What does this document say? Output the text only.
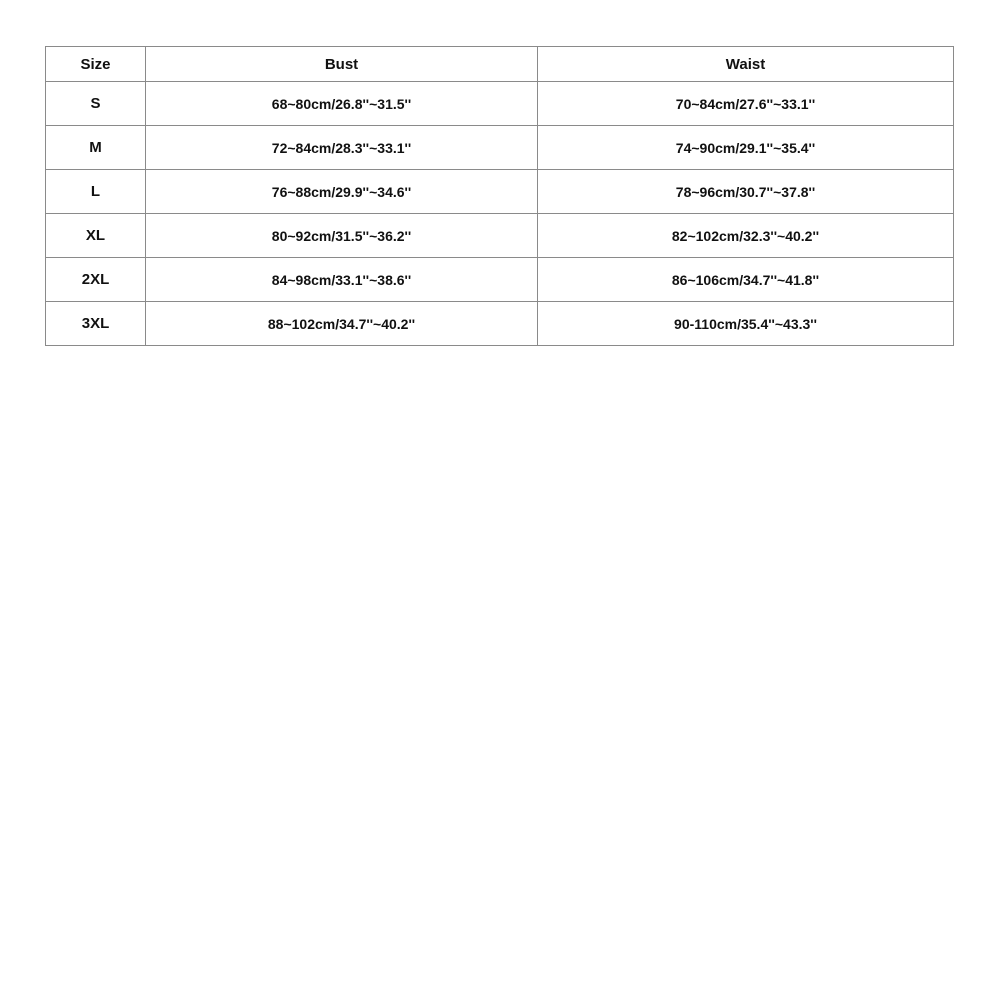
Size	Bust	Waist
S	68~80cm/26.8''~31.5''	70~84cm/27.6''~33.1''
M	72~84cm/28.3''~33.1''	74~90cm/29.1''~35.4''
L	76~88cm/29.9''~34.6''	78~96cm/30.7''~37.8''
XL	80~92cm/31.5''~36.2''	82~102cm/32.3''~40.2''
2XL	84~98cm/33.1''~38.6''	86~106cm/34.7''~41.8''
3XL	88~102cm/34.7''~40.2''	90-110cm/35.4''~43.3''
